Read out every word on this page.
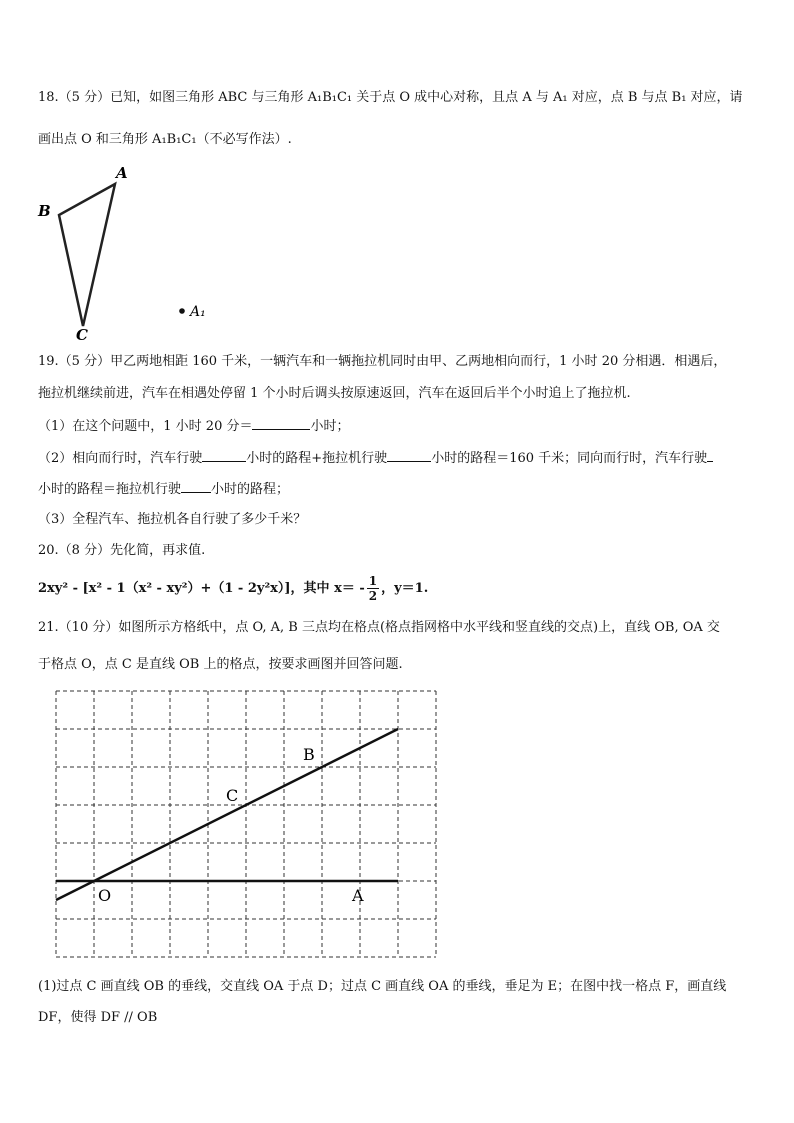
18.（5 分）已知，如图三角形 ABC 与三角形 A₁B₁C₁ 关于点 O 成中心对称，且点 A 与 A₁ 对应，点 B 与点 B₁ 对应，请
画出点 O 和三角形 A₁B₁C₁（不必写作法）.
A
B
C
A₁
19.（5 分）甲乙两地相距 160 千米，一辆汽车和一辆拖拉机同时由甲、乙两地相向而行，1 小时 20 分相遇．相遇后，
拖拉机继续前进，汽车在相遇处停留 1 个小时后调头按原速返回，汽车在返回后半个小时追上了拖拉机.
（1）在这个问题中，1 小时 20 分＝	小时；
（2）相向而行时，汽车行驶	小时的路程+拖拉机行驶	小时的路程＝160 千米；同向而行时，汽车行驶
小时的路程＝拖拉机行驶 小时的路程；
（3）全程汽车、拖拉机各自行驶了多少千米？
20.（8 分）先化简，再求值.
2xy² - [x² - 1（x² - xy²）+（1 - 2y²x）]，其中 $x= - \frac{1}{2}$ ，y＝1.
21.（10 分）如图所示方格纸中，点 O, A, B 三点均在格点(格点指网格中水平线和竖直线的交点)上，直线 OB, OA 交
于格点 O，点 C 是直线 OB 上的格点，按要求画图并回答问题.
O	A
B
C
(1)过点 C 画直线 OB 的垂线，交直线 OA 于点 D；过点 C 画直线 OA 的垂线，垂足为 E；在图中找一格点 F，画直线
DF，使得 DF // OB
